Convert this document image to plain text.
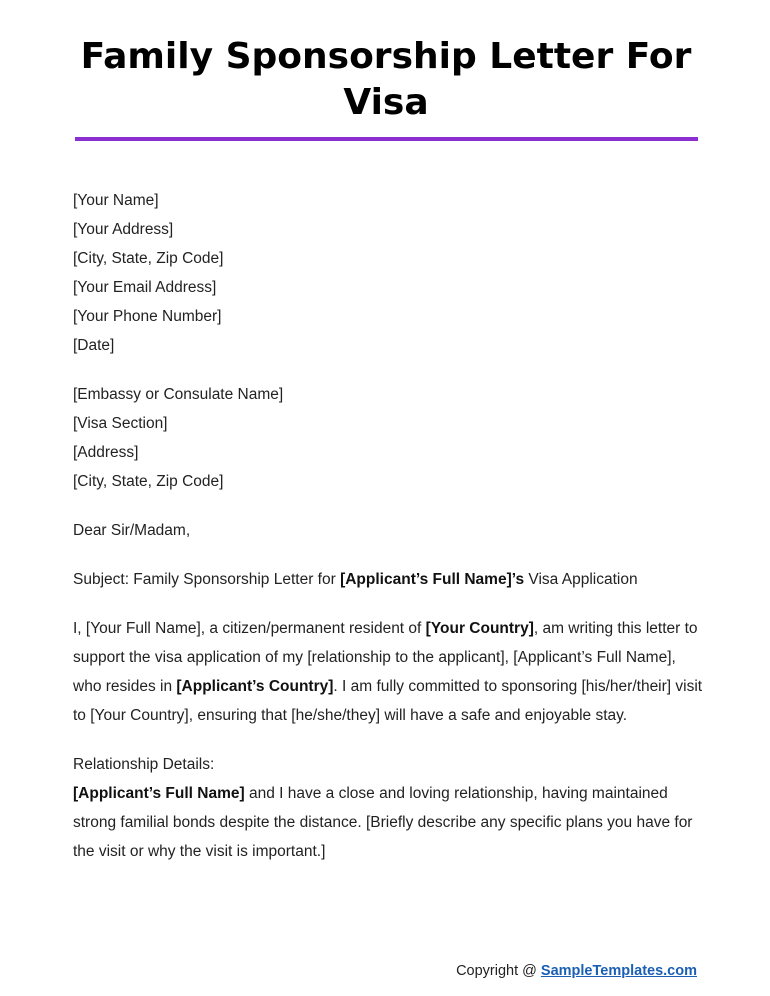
Family Sponsorship Letter For Visa

[Your Name]
[Your Address]
[City, State, Zip Code]
[Your Email Address]
[Your Phone Number]
[Date]

[Embassy or Consulate Name]
[Visa Section]
[Address]
[City, State, Zip Code]

Dear Sir/Madam,

Subject: Family Sponsorship Letter for [Applicant’s Full Name]’s Visa Application

I, [Your Full Name], a citizen/permanent resident of [Your Country], am writing this letter to support the visa application of my [relationship to the applicant], [Applicant’s Full Name], who resides in [Applicant’s Country]. I am fully committed to sponsoring [his/her/their] visit to [Your Country], ensuring that [he/she/they] will have a safe and enjoyable stay.

Relationship Details:
[Applicant’s Full Name] and I have a close and loving relationship, having maintained strong familial bonds despite the distance. [Briefly describe any specific plans you have for the visit or why the visit is important.]

Copyright @ SampleTemplates.com
